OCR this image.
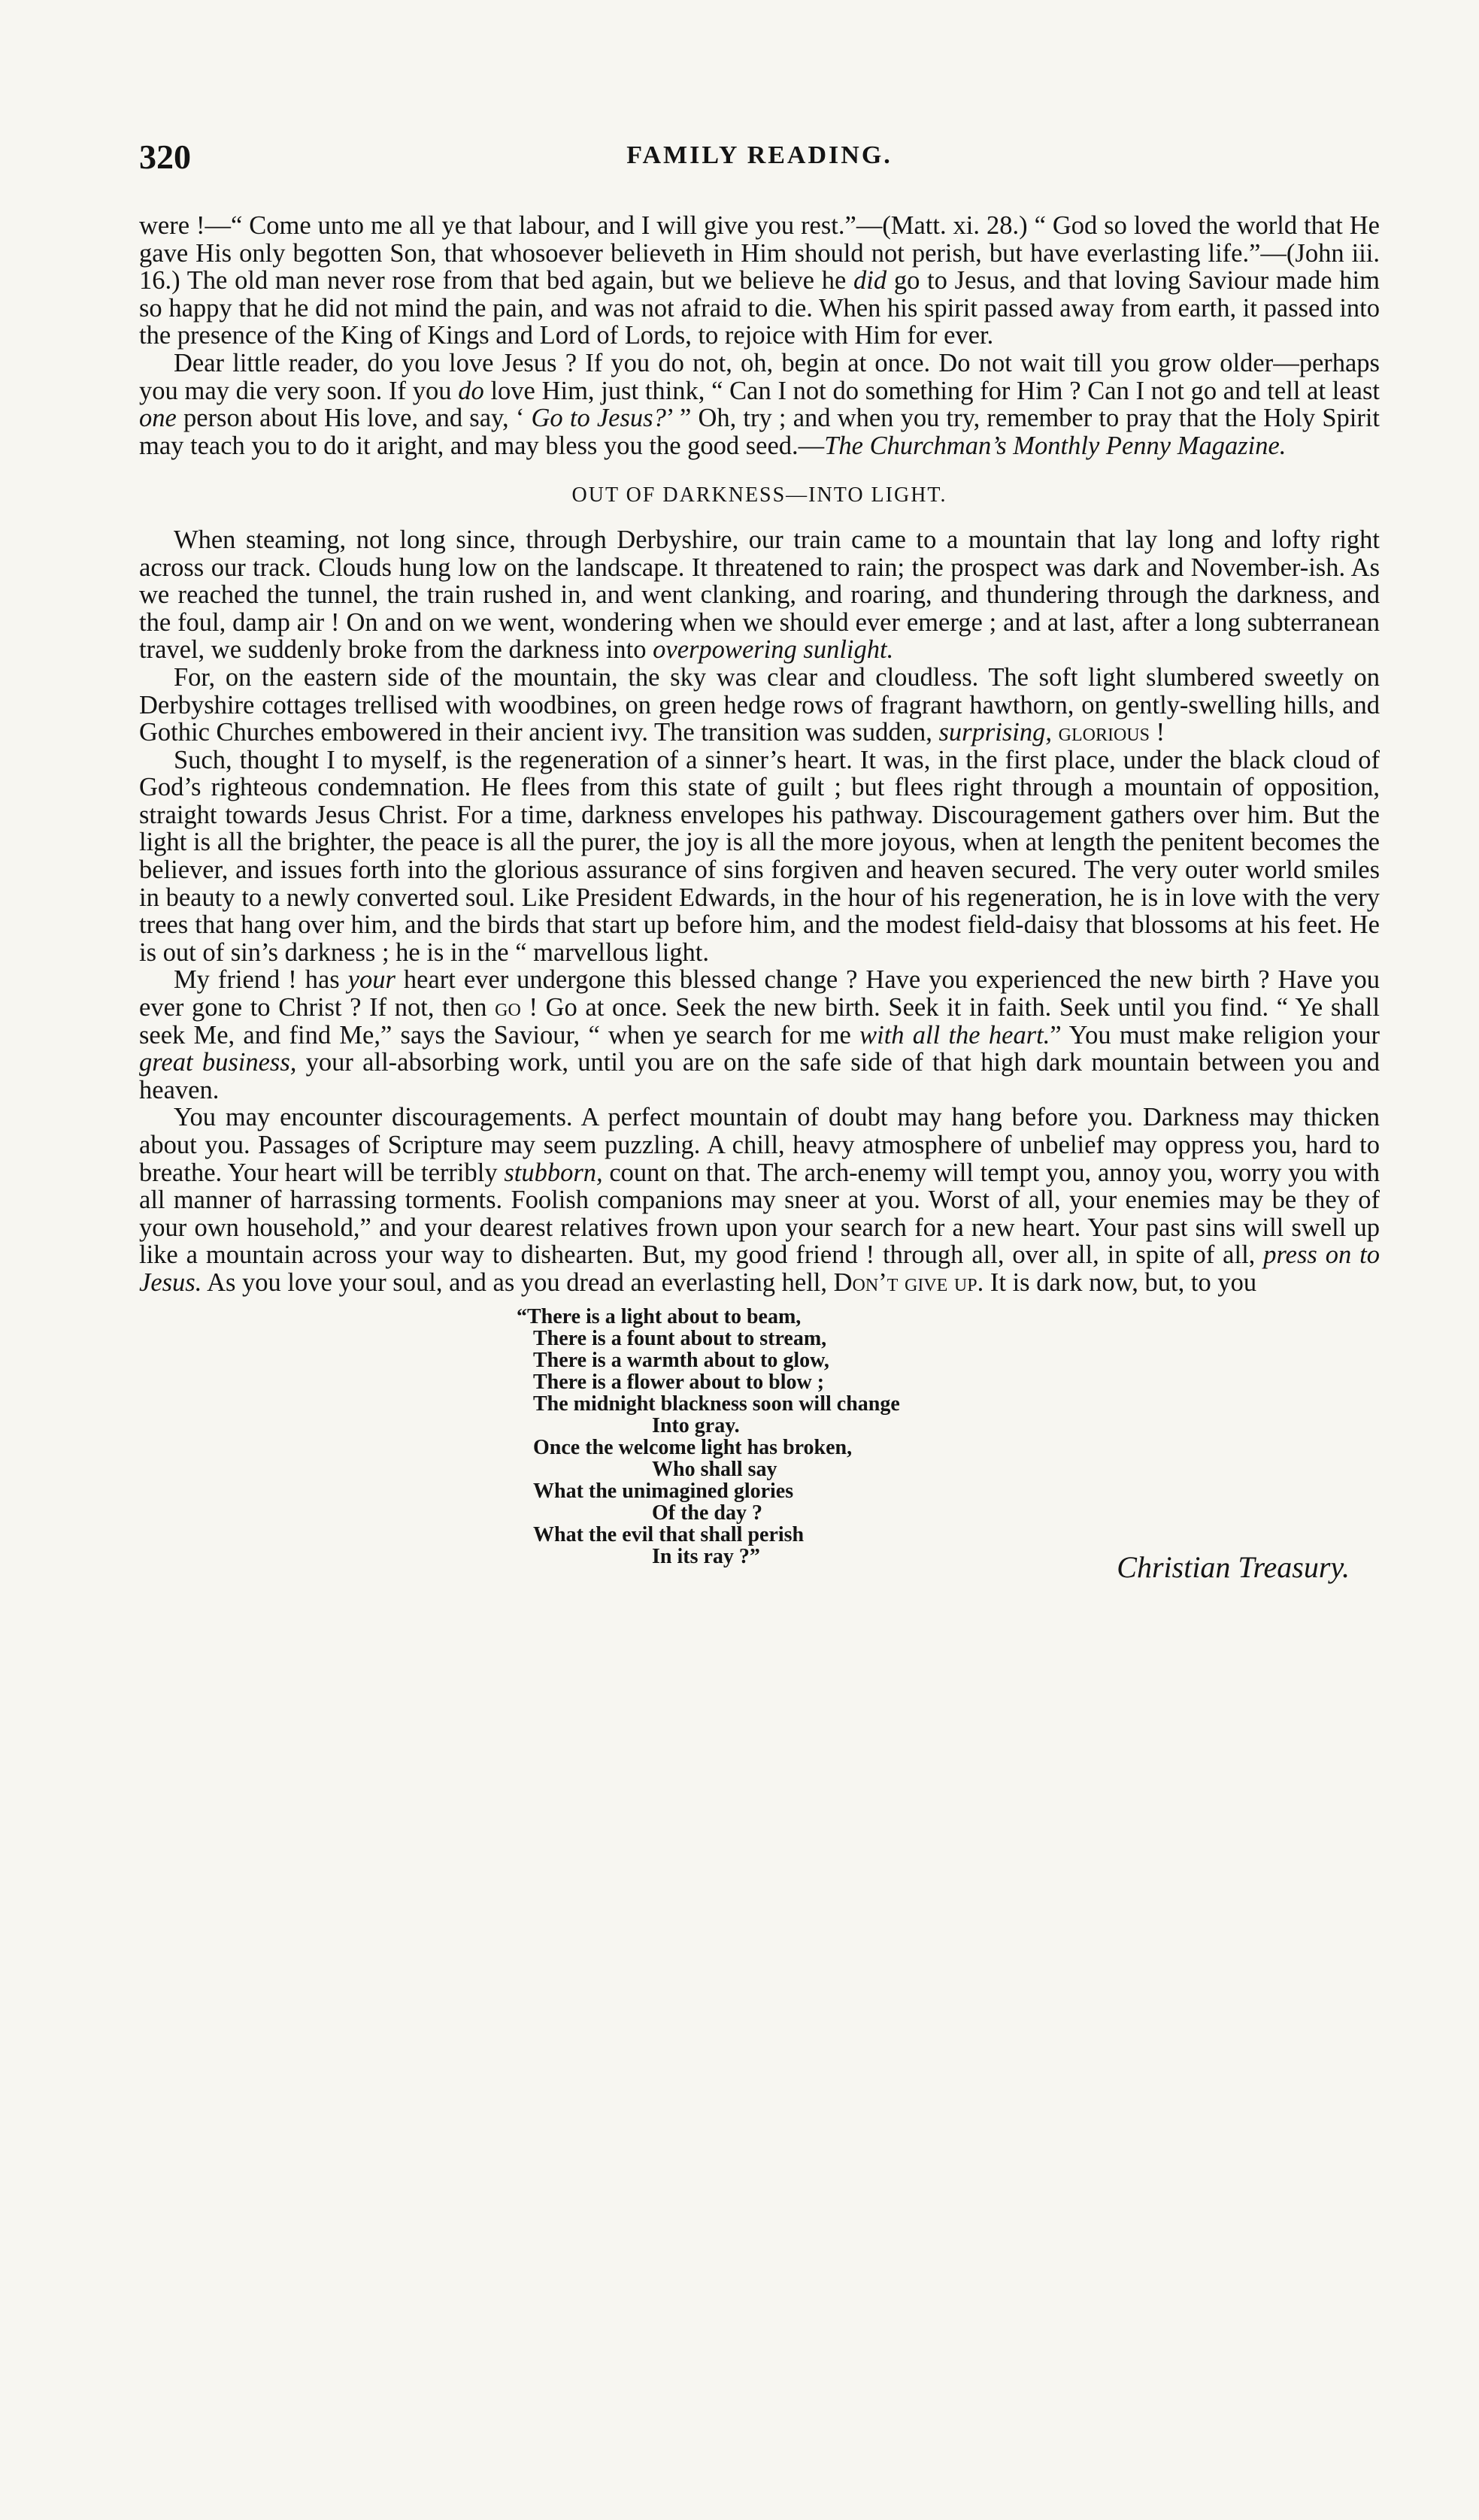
320	FAMILY READING.

were !—“ Come unto me all ye that labour, and I will give you rest.”—(Matt. xi. 28.) “ God so loved the world that He gave His only begotten Son, that whosoever believeth in Him should not perish, but have everlasting life.”—(John iii. 16.) The old man never rose from that bed again, but we believe he did go to Jesus, and that loving Saviour made him so happy that he did not mind the pain, and was not afraid to die. When his spirit passed away from earth, it passed into the presence of the King of Kings and Lord of Lords, to rejoice with Him for ever.

Dear little reader, do you love Jesus ? If you do not, oh, begin at once. Do not wait till you grow older—perhaps you may die very soon. If you do love Him, just think, “ Can I not do something for Him ? Can I not go and tell at least one person about His love, and say, ‘ Go to Jesus?’ ” Oh, try ; and when you try, remember to pray that the Holy Spirit may teach you to do it aright, and may bless you the good seed.—The Churchman’s Monthly Penny Magazine.

OUT OF DARKNESS—INTO LIGHT.

When steaming, not long since, through Derbyshire, our train came to a mountain that lay long and lofty right across our track. Clouds hung low on the landscape. It threatened to rain; the prospect was dark and November-ish. As we reached the tunnel, the train rushed in, and went clanking, and roaring, and thundering through the darkness, and the foul, damp air ! On and on we went, wondering when we should ever emerge ; and at last, after a long subterranean travel, we suddenly broke from the darkness into overpowering sunlight.

For, on the eastern side of the mountain, the sky was clear and cloudless. The soft light slumbered sweetly on Derbyshire cottages trellised with woodbines, on green hedge rows of fragrant hawthorn, on gently-swelling hills, and Gothic Churches embowered in their ancient ivy. The transition was sudden, surprising, glorious !

Such, thought I to myself, is the regeneration of a sinner’s heart. It was, in the first place, under the black cloud of God’s righteous condemnation. He flees from this state of guilt ; but flees right through a mountain of opposition, straight towards Jesus Christ. For a time, darkness envelopes his pathway. Discouragement gathers over him. But the light is all the brighter, the peace is all the purer, the joy is all the more joyous, when at length the penitent becomes the believer, and issues forth into the glorious assurance of sins forgiven and heaven secured. The very outer world smiles in beauty to a newly converted soul. Like President Edwards, in the hour of his regeneration, he is in love with the very trees that hang over him, and the birds that start up before him, and the modest field-daisy that blossoms at his feet. He is out of sin’s darkness ; he is in the “ marvellous light.

My friend ! has your heart ever undergone this blessed change ? Have you experienced the new birth ? Have you ever gone to Christ ? If not, then go ! Go at once. Seek the new birth. Seek it in faith. Seek until you find. “ Ye shall seek Me, and find Me,” says the Saviour, “ when ye search for me with all the heart.” You must make religion your great business, your all-absorbing work, until you are on the safe side of that high dark mountain between you and heaven.

You may encounter discouragements. A perfect mountain of doubt may hang before you. Darkness may thicken about you. Passages of Scripture may seem puzzling. A chill, heavy atmosphere of unbelief may oppress you, hard to breathe. Your heart will be terribly stubborn, count on that. The arch-enemy will tempt you, annoy you, worry you with all manner of harrassing torments. Foolish companions may sneer at you. Worst of all, your enemies may be they of your own household,” and your dearest relatives frown upon your search for a new heart. Your past sins will swell up like a mountain across your way to dishearten. But, my good friend ! through all, over all, in spite of all, press on to Jesus. As you love your soul, and as you dread an everlasting hell, Don’t give up. It is dark now, but, to you

“There is a light about to beam,
There is a fount about to stream,
There is a warmth about to glow,
There is a flower about to blow ;
The midnight blackness soon will change
Into gray.
Once the welcome light has broken,
Who shall say
What the unimagined glories
Of the day ?
What the evil that shall perish
In its ray ?”	Christian Treasury.
